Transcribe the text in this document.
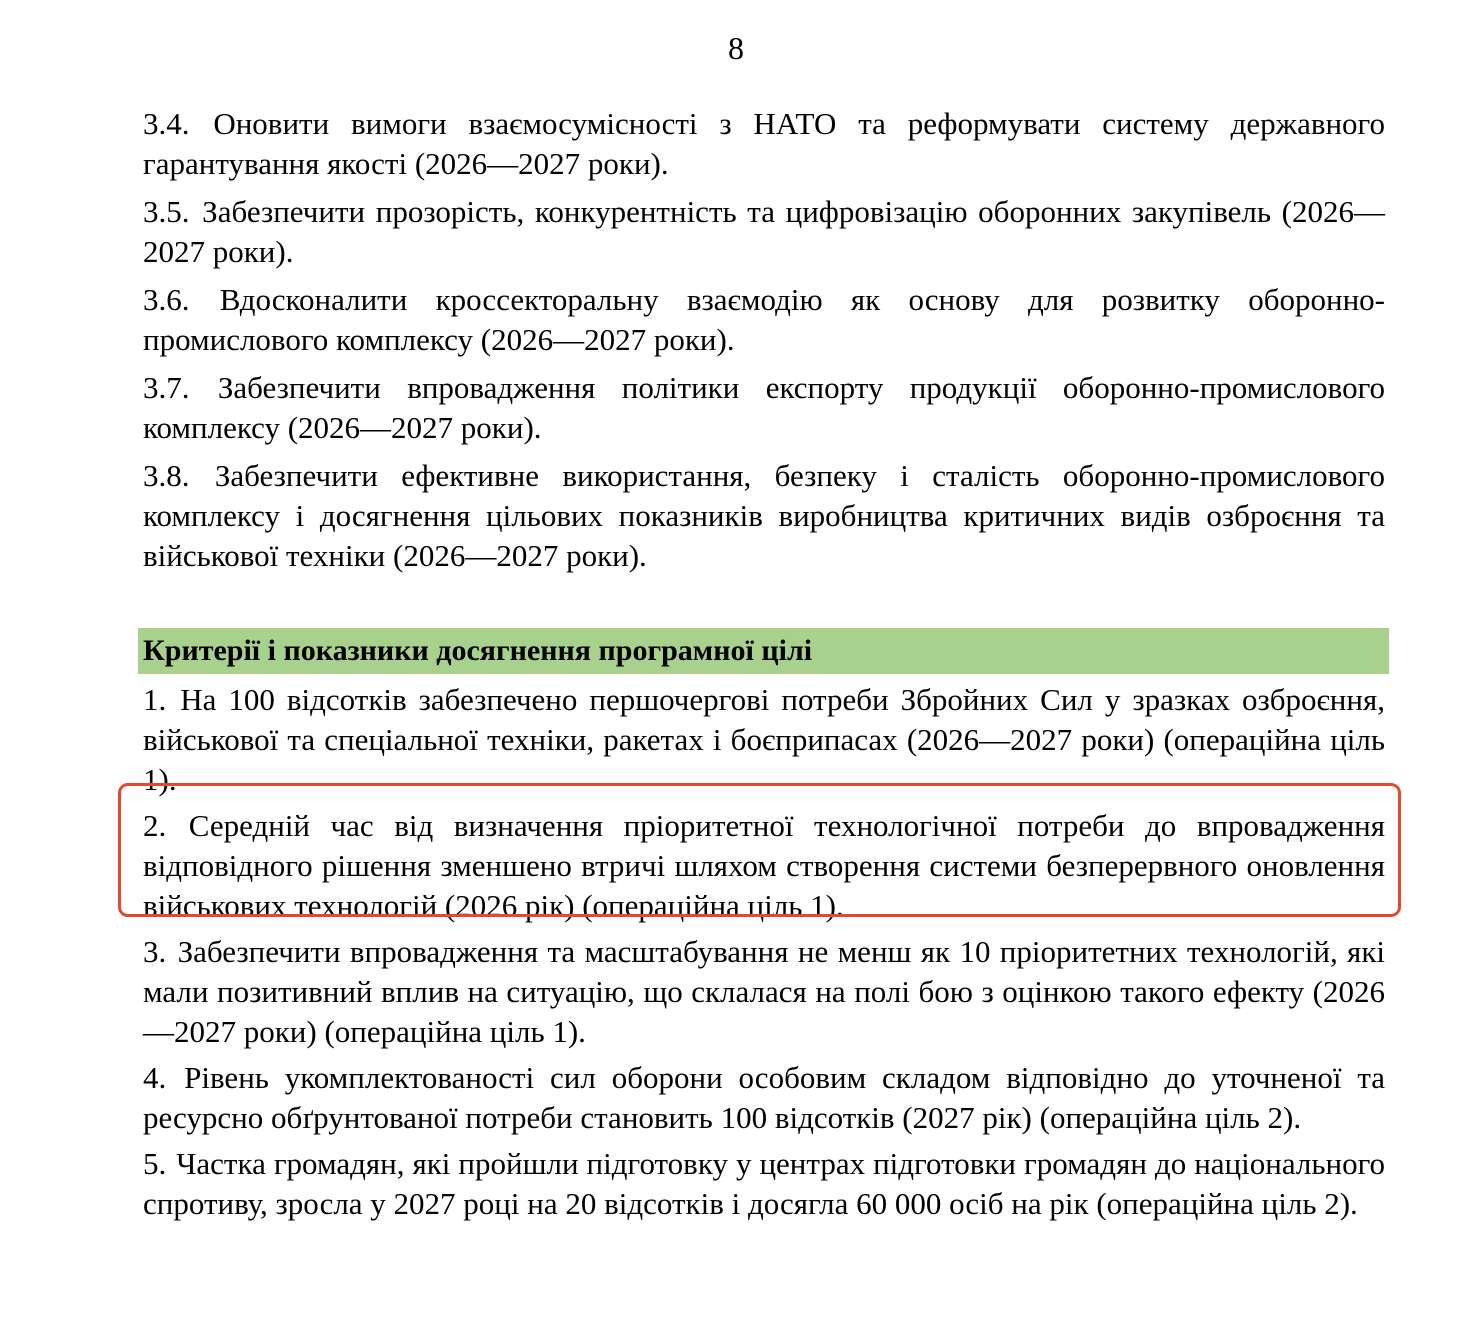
8

3.4. Оновити вимоги взаємосумісності з НАТО та реформувати систему державного гарантування якості (2026—2027 роки).

3.5. Забезпечити прозорість, конкурентність та цифровізацію оборонних закупівель (2026—2027 роки).

3.6. Вдосконалити кроссекторальну взаємодію як основу для розвитку оборонно-промислового комплексу (2026—2027 роки).

3.7. Забезпечити впровадження політики експорту продукції оборонно-промислового комплексу (2026—2027 роки).

3.8. Забезпечити ефективне використання, безпеку і сталість оборонно-промислового комплексу і досягнення цільових показників виробництва критичних видів озброєння та військової техніки (2026—2027 роки).

Критерії і показники досягнення програмної цілі

1. На 100 відсотків забезпечено першочергові потреби Збройних Сил у зразках озброєння, військової та спеціальної техніки, ракетах і боєприпасах (2026—2027 роки) (операційна ціль 1).

2. Середній час від визначення пріоритетної технологічної потреби до впровадження відповідного рішення зменшено втричі шляхом створення системи безперервного оновлення військових технологій (2026 рік) (операційна ціль 1).

3. Забезпечити впровадження та масштабування не менш як 10 пріоритетних технологій, які мали позитивний вплив на ситуацію, що склалася на полі бою з оцінкою такого ефекту (2026—2027 роки) (операційна ціль 1).

4. Рівень укомплектованості сил оборони особовим складом відповідно до уточненої та ресурсно обґрунтованої потреби становить 100 відсотків (2027 рік) (операційна ціль 2).

5. Частка громадян, які пройшли підготовку у центрах підготовки громадян до національного спротиву, зросла у 2027 році на 20 відсотків і досягла 60 000 осіб на рік (операційна ціль 2).
